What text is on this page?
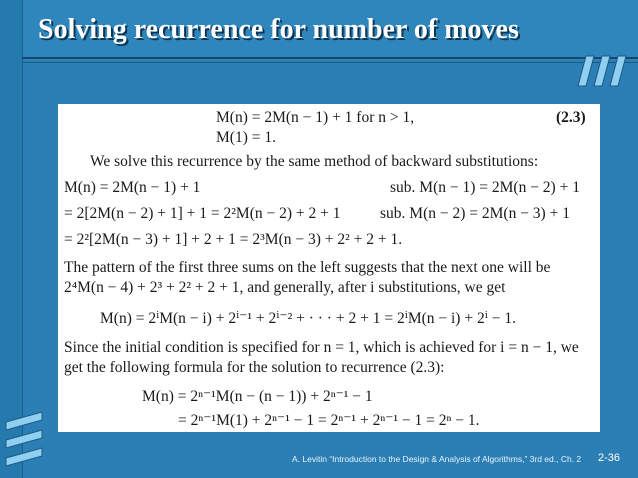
Solving recurrence for number of moves
M(n) = 2M(n − 1) + 1 for n > 1,	(2.3)
M(1) = 1.
We solve this recurrence by the same method of backward substitutions:
M(n) = 2M(n − 1) + 1	sub. M(n − 1) = 2M(n − 2) + 1
= 2[2M(n − 2) + 1] + 1 = 2²M(n − 2) + 2 + 1	sub. M(n − 2) = 2M(n − 3) + 1
= 2²[2M(n − 3) + 1] + 2 + 1 = 2³M(n − 3) + 2² + 2 + 1.
The pattern of the first three sums on the left suggests that the next one will be
2⁴M(n − 4) + 2³ + 2² + 2 + 1, and generally, after i substitutions, we get
M(n) = 2ⁱM(n − i) + 2ⁱ⁻¹ + 2ⁱ⁻² + · · · + 2 + 1 = 2ⁱM(n − i) + 2ⁱ − 1.
Since the initial condition is specified for n = 1, which is achieved for i = n − 1, we
get the following formula for the solution to recurrence (2.3):
M(n) = 2ⁿ⁻¹M(n − (n − 1)) + 2ⁿ⁻¹ − 1
= 2ⁿ⁻¹M(1) + 2ⁿ⁻¹ − 1 = 2ⁿ⁻¹ + 2ⁿ⁻¹ − 1 = 2ⁿ − 1.
A. Levitin “Introduction to the Design & Analysis of Algorithms,” 3rd ed., Ch. 2 2-36
